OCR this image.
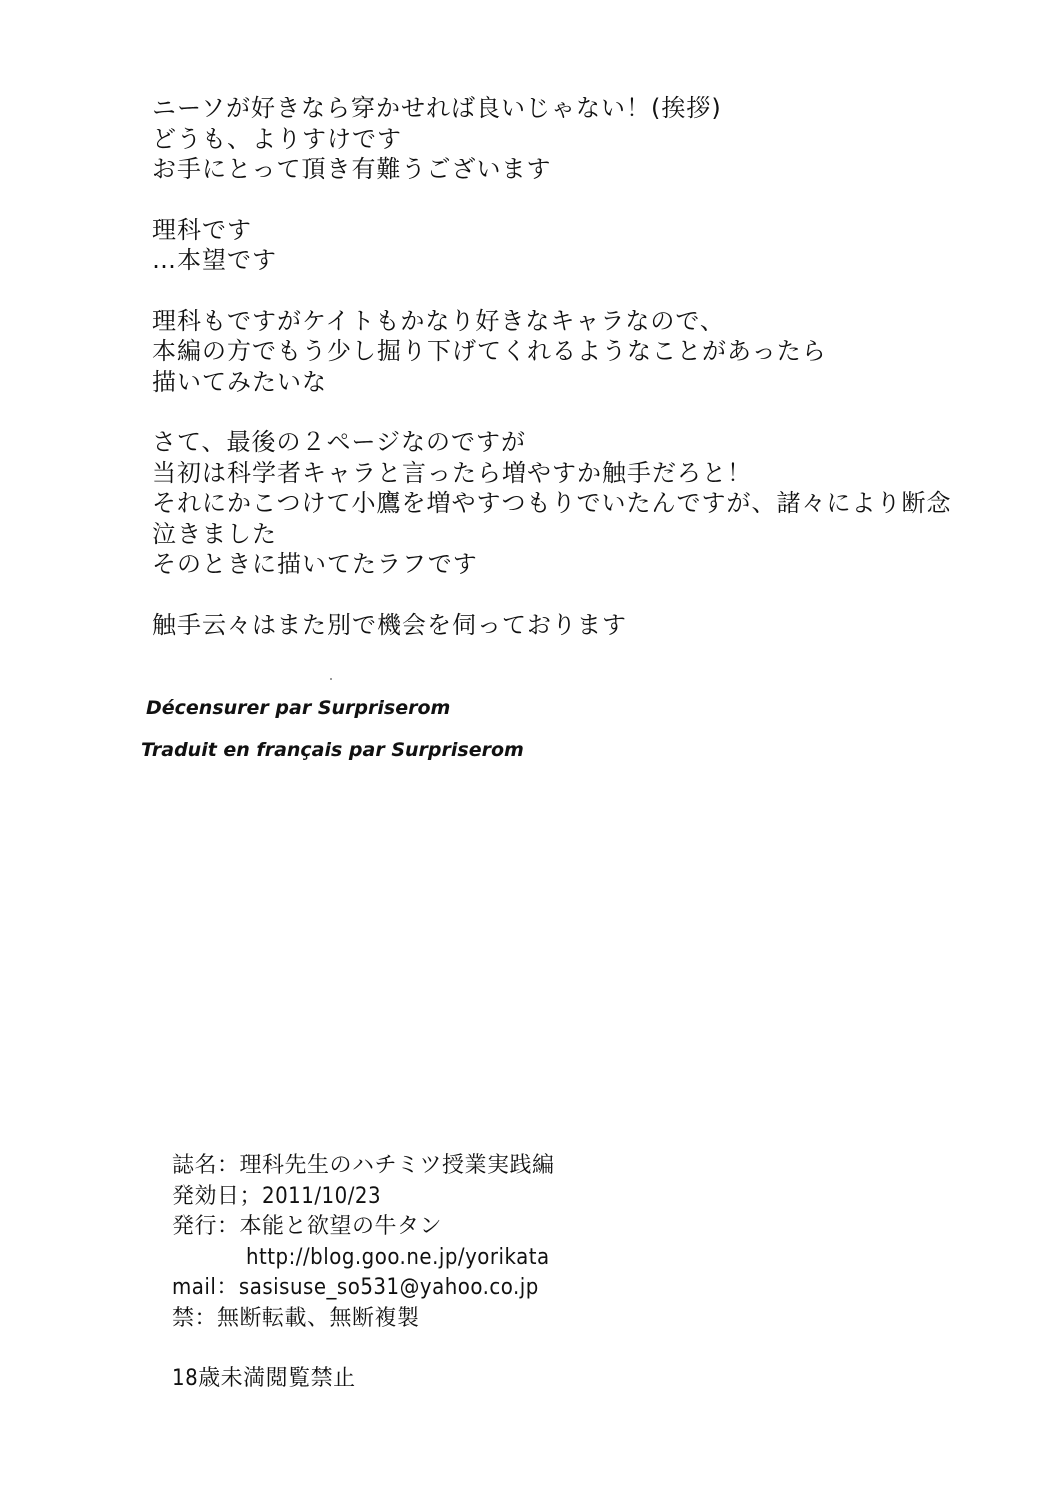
ニーソが好きなら穿かせれば良いじゃない！(挨拶)
どうも、よりすけです
お手にとって頂き有難うございます
理科です
…本望です
理科もですがケイトもかなり好きなキャラなので、
本編の方でもう少し掘り下げてくれるようなことがあったら
描いてみたいな
さて、最後の２ページなのですが
当初は科学者キャラと言ったら増やすか触手だろと！
それにかこつけて小鷹を増やすつもりでいたんですが、諸々により断念
泣きました
そのときに描いてたラフです
触手云々はまた別で機会を伺っております
Décensurer par Surpriserom
Traduit en français par Surpriserom
誌名：理科先生のハチミツ授業実践編
発効日；2011/10/23
発行：本能と欲望の牛タン
http://blog.goo.ne.jp/yorikata
mail：sasisuse_so531@yahoo.co.jp
禁：無断転載、無断複製
18歳未満閲覧禁止
